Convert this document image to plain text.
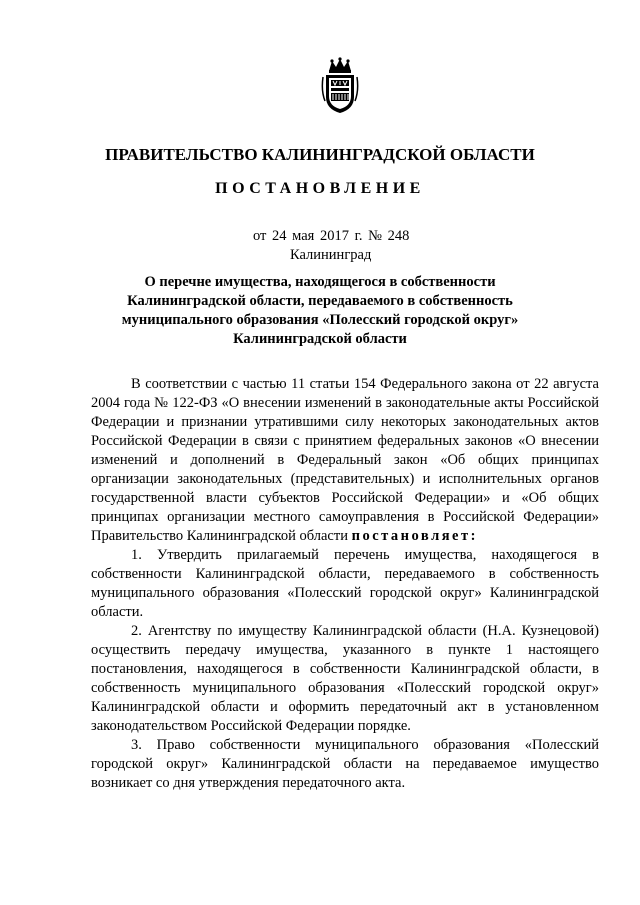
ПРАВИТЕЛЬСТВО КАЛИНИНГРАДСКОЙ ОБЛАСТИ
ПОСТАНОВЛЕНИЕ
от 24 мая 2017 г. № 248
Калининград
О перечне имущества, находящегося в собственности
Калининградской области, передаваемого в собственность
муниципального образования «Полесский городской округ»
Калининградской области

В соответствии с частью 11 статьи 154 Федерального закона от 22 августа 2004 года № 122-ФЗ «О внесении изменений в законодательные акты Российской Федерации и признании утратившими силу некоторых законодательных актов Российской Федерации в связи с принятием федеральных законов «О внесении изменений и дополнений в Федеральный закон «Об общих принципах организации законодательных (представительных) и исполнительных органов государственной власти субъектов Российской Федерации» и «Об общих принципах организации местного самоуправления в Российской Федерации» Правительство Калининградской области постановляет:

1. Утвердить прилагаемый перечень имущества, находящегося в собственности Калининградской области, передаваемого в собственность муниципального образования «Полесский городской округ» Калининградской области.

2. Агентству по имуществу Калининградской области (Н.А. Кузнецовой) осуществить передачу имущества, указанного в пункте 1 настоящего постановления, находящегося в собственности Калининградской области, в собственность муниципального образования «Полесский городской округ» Калининградской области и оформить передаточный акт в установленном законодательством Российской Федерации порядке.

3. Право собственности муниципального образования «Полесский городской округ» Калининградской области на передаваемое имущество возникает со дня утверждения передаточного акта.
